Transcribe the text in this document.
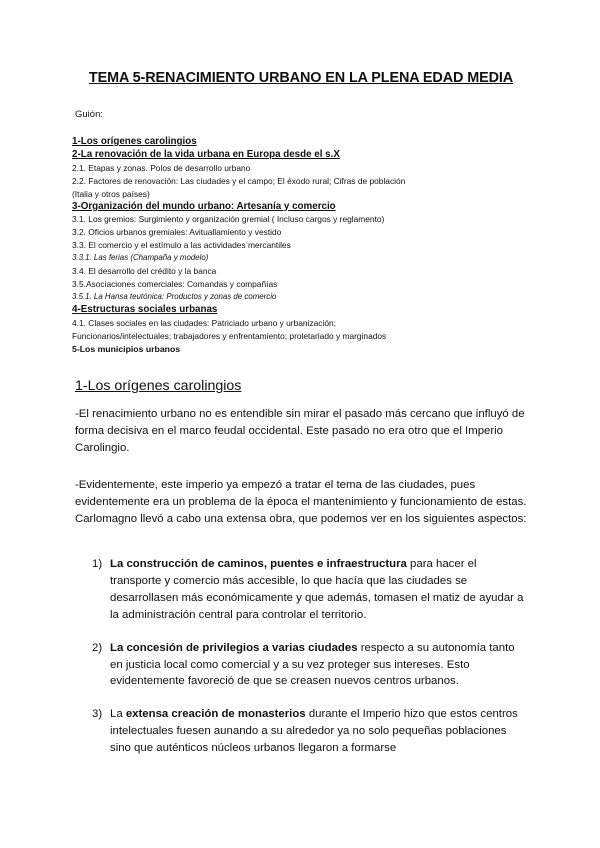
TEMA 5-RENACIMIENTO URBANO EN LA PLENA EDAD MEDIA
Guión:
1-Los orígenes carolingios
2-La renovación de la vida urbana en Europa desde el s.X
2.1. Etapas y zonas. Polos de desarrollo urbano
2.2. Factores de renovación: Las ciudades y el campo; El éxodo rural; Cifras de población
(Italia y otros países)
3-Organización del mundo urbano: Artesanía y comercio
3.1. Los gremios: Surgimiento y organización gremial ( Incluso cargos y reglamento)
3.2. Oficios urbanos gremiales: Avituallamiento y vestido
3.3. El comercio y el estímulo a las actividades mercantiles
3.3.1. Las ferias (Champaña y modelo)
3.4. El desarrollo del crédito y la banca
3.5.Asociaciones comerciales: Comandas y compañías
3.5.1. La Hansa teutónica: Productos y zonas de comercio
4-Estructuras sociales urbanas
4.1. Clases sociales en las ciudades: Patriciado urbano y urbanización;
Funcionarios/intelectuales; trabajadores y enfrentamiento; proletariado y marginados
5-Los municipios urbanos
1-Los orígenes carolingios
-El renacimiento urbano no es entendible sin mirar el pasado más cercano que influyó de forma decisiva en el marco feudal occidental. Este pasado no era otro que el Imperio Carolingio.
-Evidentemente, este imperio ya empezó a tratar el tema de las ciudades, pues evidentemente era un problema de la época el mantenimiento y funcionamiento de estas. Carlomagno llevó a cabo una extensa obra, que podemos ver en los siguientes aspectos:
1) La construcción de caminos, puentes e infraestructura para hacer el transporte y comercio más accesible, lo que hacía que las ciudades se desarrollasen más económicamente y que además, tomasen el matiz de ayudar a la administración central para controlar el territorio.
2) La concesión de privilegios a varias ciudades respecto a su autonomía tanto en justicia local como comercial y a su vez proteger sus intereses. Esto evidentemente favoreció de que se creasen nuevos centros urbanos.
3) La extensa creación de monasterios durante el Imperio hizo que estos centros intelectuales fuesen aunando a su alrededor ya no solo pequeñas poblaciones sino que auténticos núcleos urbanos llegaron a formarse
